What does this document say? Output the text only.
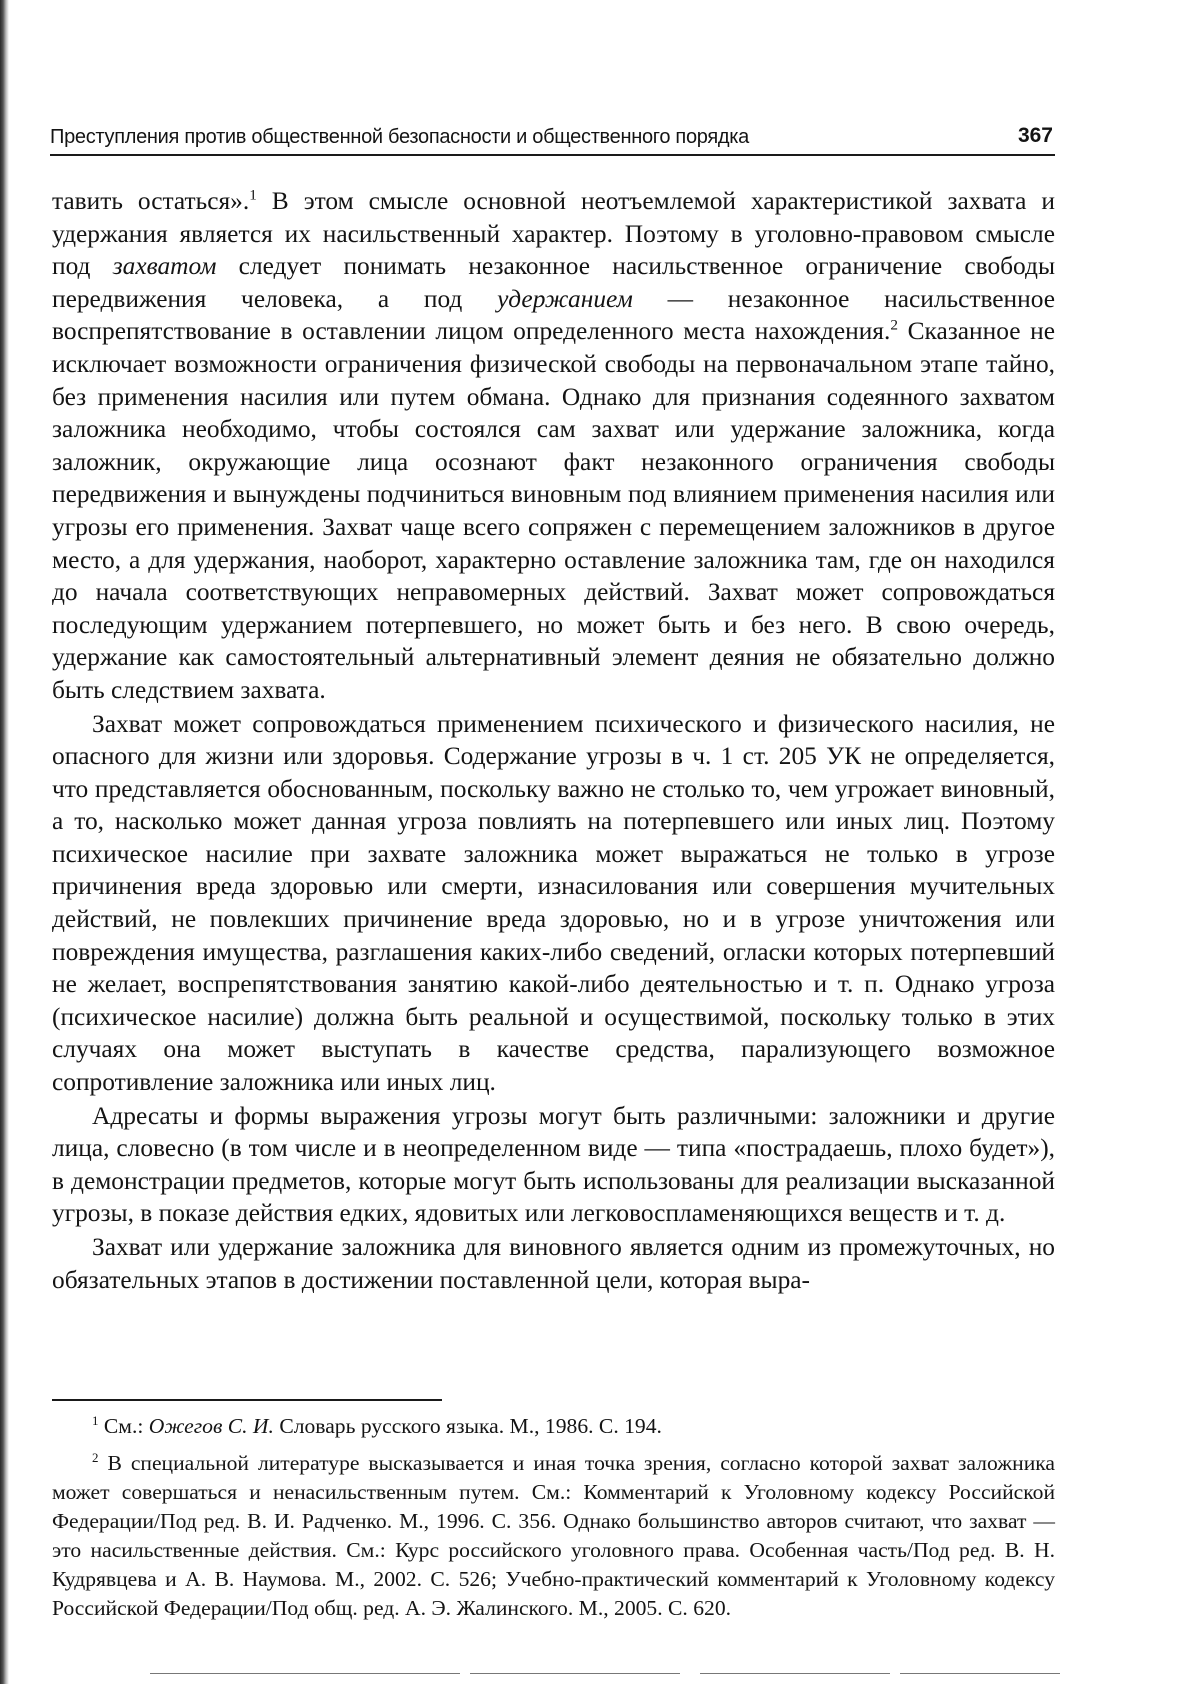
Преступления против общественной безопасности и общественного порядка	367

тавить остаться».$^1$ В этом смысле основной неотъемлемой характеристикой захвата и удержания является их насильственный характер. Поэтому в уголовно-правовом смысле под захватом следует понимать незаконное насильственное ограничение свободы передвижения человека, а под удержанием — незаконное насильственное воспрепятствование в оставлении лицом определенного места нахождения.$^2$ Сказанное не исключает возможности ограничения физической свободы на первоначальном этапе тайно, без применения насилия или путем обмана. Однако для признания содеянного захватом заложника необходимо, чтобы состоялся сам захват или удержание заложника, когда заложник, окружающие лица осознают факт незаконного ограничения свободы передвижения и вынуждены подчиниться виновным под влиянием применения насилия или угрозы его применения. Захват чаще всего сопряжен с перемещением заложников в другое место, а для удержания, наоборот, характерно оставление заложника там, где он находился до начала соответствующих неправомерных действий. Захват может сопровождаться последующим удержанием потерпевшего, но может быть и без него. В свою очередь, удержание как самостоятельный альтернативный элемент деяния не обязательно должно быть следствием захвата.

Захват может сопровождаться применением психического и физического насилия, не опасного для жизни или здоровья. Содержание угрозы в ч. 1 ст. 205 УК не определяется, что представляется обоснованным, поскольку важно не столько то, чем угрожает виновный, а то, насколько может данная угроза повлиять на потерпевшего или иных лиц. Поэтому психическое насилие при захвате заложника может выражаться не только в угрозе причинения вреда здоровью или смерти, изнасилования или совершения мучительных действий, не повлекших причинение вреда здоровью, но и в угрозе уничтожения или повреждения имущества, разглашения каких-либо сведений, огласки которых потерпевший не желает, воспрепятствования занятию какой-либо деятельностью и т. п. Однако угроза (психическое насилие) должна быть реальной и осуществимой, поскольку только в этих случаях она может выступать в качестве средства, парализующего возможное сопротивление заложника или иных лиц.

Адресаты и формы выражения угрозы могут быть различными: заложники и другие лица, словесно (в том числе и в неопределенном виде — типа «пострадаешь, плохо будет»), в демонстрации предметов, которые могут быть использованы для реализации высказанной угрозы, в показе действия едких, ядовитых или легковоспламеняющихся веществ и т. д.

Захват или удержание заложника для виновного является одним из промежуточных, но обязательных этапов в достижении поставленной цели, которая выра-

$^1$ См.: Ожегов С. И. Словарь русского языка. М., 1986. С. 194.

$^2$ В специальной литературе высказывается и иная точка зрения, согласно которой захват заложника может совершаться и ненасильственным путем. См.: Комментарий к Уголовному кодексу Российской Федерации/Под ред. В. И. Радченко. М., 1996. С. 356. Однако большинство авторов считают, что захват — это насильственные действия. См.: Курс российского уголовного права. Особенная часть/Под ред. В. Н. Кудрявцева и А. В. Наумова. М., 2002. С. 526; Учебно-практический комментарий к Уголовному кодексу Российской Федерации/Под общ. ред. А. Э. Жалинского. М., 2005. С. 620.
